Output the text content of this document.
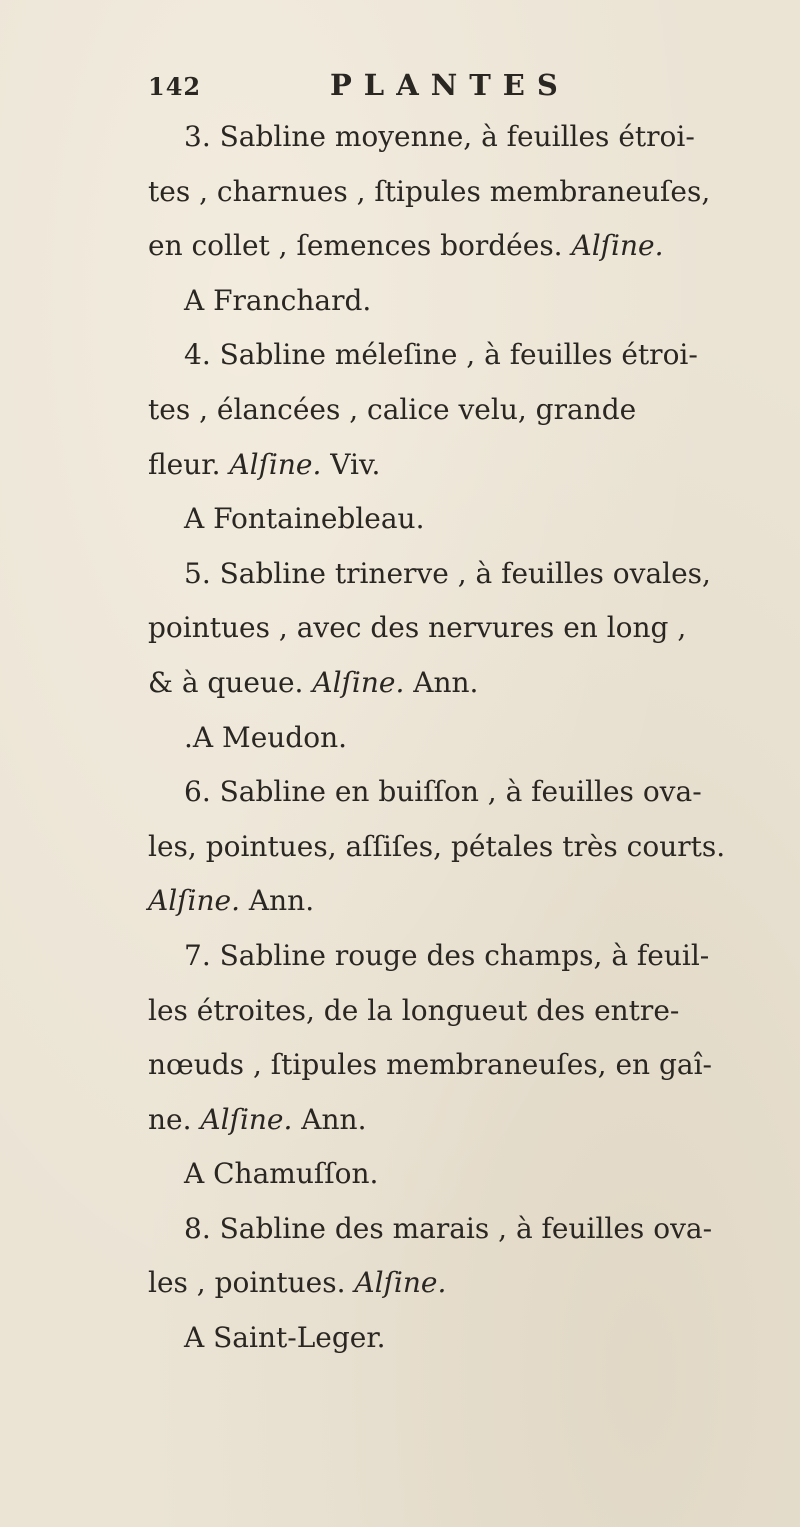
142	PLANTES
3. Sabline moyenne, à feuilles étroi-
tes , charnues , ſtipules membraneuſes,
en collet , ſemences bordées. Alſine.
A Franchard.
4. Sabline méleſine , à feuilles étroi-
tes , élancées , calice velu, grande
fleur. Alſine. Viv.
A Fontainebleau.
5. Sabline trinerve , à feuilles ovales,
pointues , avec des nervures en long ,
& à queue. Alſine. Ann.
.A Meudon.
6. Sabline en buiſſon , à feuilles ova-
les, pointues, aſſiſes, pétales très courts.
Alſine. Ann.
7. Sabline rouge des champs, à feuil-
les étroites, de la longueut des entre-
nœuds , ſtipules membraneuſes, en gaî-
ne. Alſine. Ann.
A Chamuſſon.
8. Sabline des marais , à feuilles ova-
les , pointues. Alſine.
A Saint-Leger.
